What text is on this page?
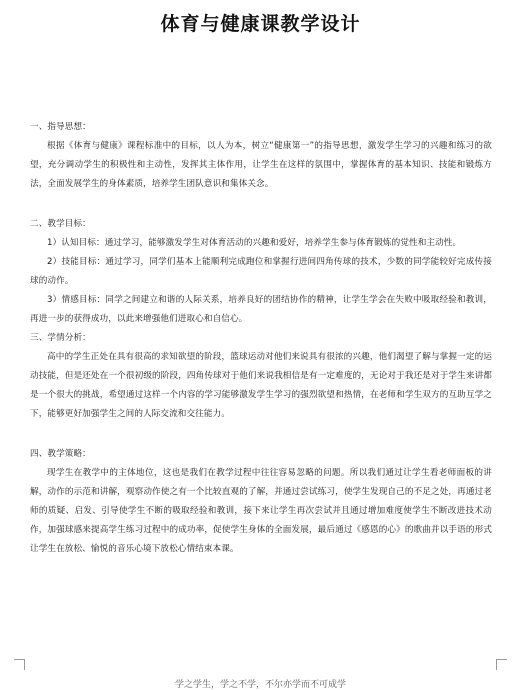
体育与健康课教学设计

一、指导思想：

根据《体育与健康》课程标准中的目标，以人为本，树立“健康第一”的指导思想，激发学生学习的兴趣和练习的欲望，充分调动学生的积极性和主动性，发挥其主体作用，让学生在这样的氛围中，掌握体育的基本知识、技能和锻炼方法，全面发展学生的身体素质，培养学生团队意识和集体关念。

二、教学目标：

1）认知目标：通过学习，能够激发学生对体育活动的兴趣和爱好，培养学生参与体育锻炼的觉性和主动性。

2）技能目标：通过学习，同学们基本上能顺利完成跑位和掌握行进间四角传球的技术，少数的同学能较好完成传接球的动作。

3）情感目标：同学之间建立和谐的人际关系，培养良好的团结协作的精神，让学生学会在失败中吸取经验和教训，再进一步的获得成功，以此来增强他们进取心和自信心。

三、学情分析：

高中的学生正处在具有很高的求知欲望的阶段，篮球运动对他们来说具有很浓的兴趣，他们渴望了解与掌握一定的运动技能，但是还处在一个很初级的阶段，四角传球对于他们来说我相信是有一定难度的，无论对于我还是对于学生来讲都是一个很大的挑战，希望通过这样一个内容的学习能够激发学生学习的强烈欲望和热情，在老师和学生双方的互助互学之下，能够更好加强学生之间的人际交流和交往能力。

四、教学策略：

现学生在教学中的主体地位，这也是我们在教学过程中往往容易忽略的问题。所以我们通过让学生看老师面板的讲解，动作的示范和讲解，观察动作使之有一个比较直观的了解，并通过尝试练习，使学生发现自己的不足之处，再通过老师的质疑、启发、引导使学生不断的吸取经验和教训，接下来让学生再次尝试并且通过增加难度使学生不断改进技术动作，加强球感来提高学生练习过程中的成功率，促使学生身体的全面发展，最后通过《感恩的心》的歌曲并以手语的形式让学生在放松、愉悦的音乐心境下放松心情结束本课。

学之学生，学之不学，不尔亦学而不可成学
